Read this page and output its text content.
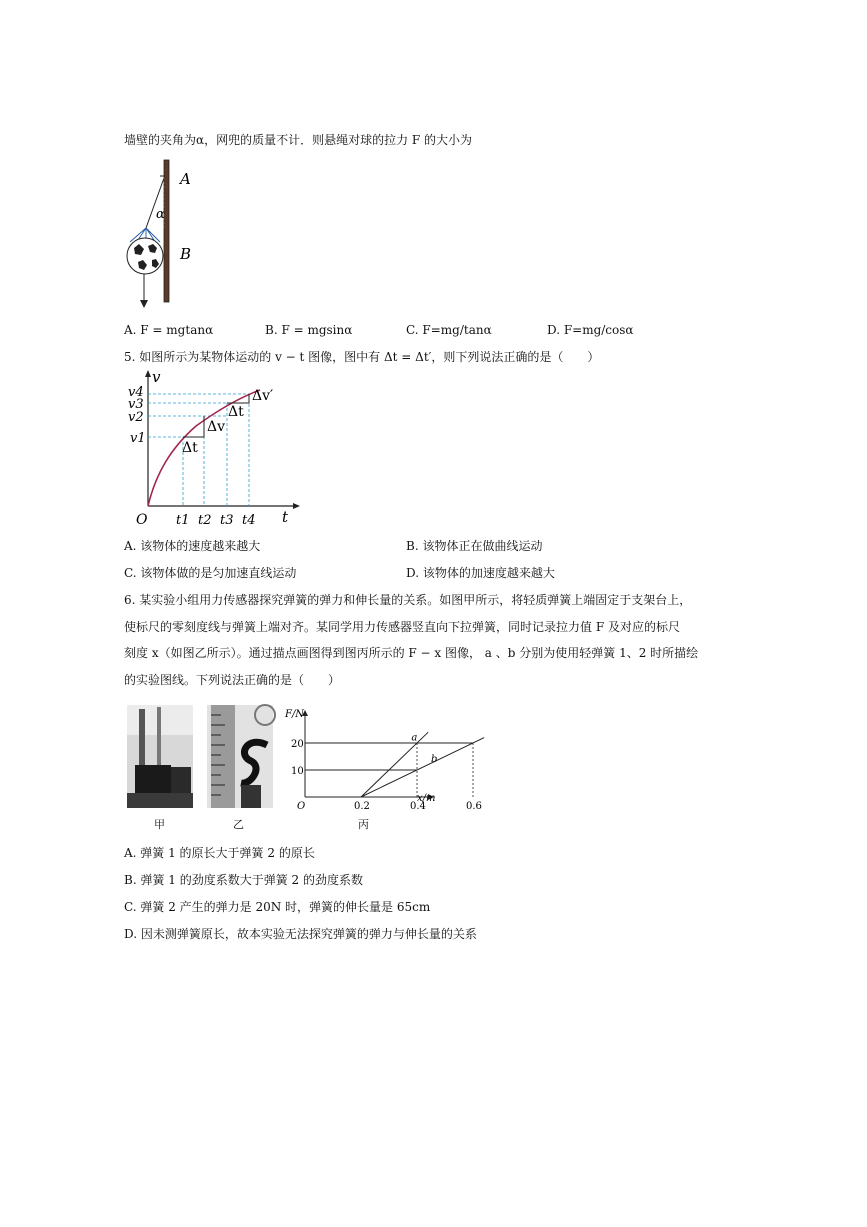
墙壁的夹角为α，网兜的质量不计．则悬绳对球的拉力 F 的大小为
A
α
B
A. F = mgtanα	B. F = mgsinα	C. F=mg/tanα	D. F=mg/cosα
5. 如图所示为某物体运动的 v − t 图像，图中有 Δt = Δt′，则下列说法正确的是（　　）
v
t
O
v4
v3
v2
v1
t1 t2 t3 t4
Δt
Δv
Δt
Δv′
A. 该物体的速度越来越大	B. 该物体正在做曲线运动
C. 该物体做的是匀加速直线运动	D. 该物体的加速度越来越大
6. 某实验小组用力传感器探究弹簧的弹力和伸长量的关系。如图甲所示，将轻质弹簧上端固定于支架台上，
使标尺的零刻度线与弹簧上端对齐。某同学用力传感器竖直向下拉弹簧，同时记录拉力值 F 及对应的标尺
刻度 x（如图乙所示）。通过描点画图得到图丙所示的 F − x 图像， a 、b 分别为使用轻弹簧 1、2 时所描绘
的实验图线。下列说法正确的是（　　）
F/N
x/m
O
a
b
10
20
0.2	0.4	0.6
甲	乙	丙
A. 弹簧 1 的原长大于弹簧 2 的原长
B. 弹簧 1 的劲度系数大于弹簧 2 的劲度系数
C. 弹簧 2 产生的弹力是 20N 时，弹簧的伸长量是 65cm
D. 因未测弹簧原长，故本实验无法探究弹簧的弹力与伸长量的关系
